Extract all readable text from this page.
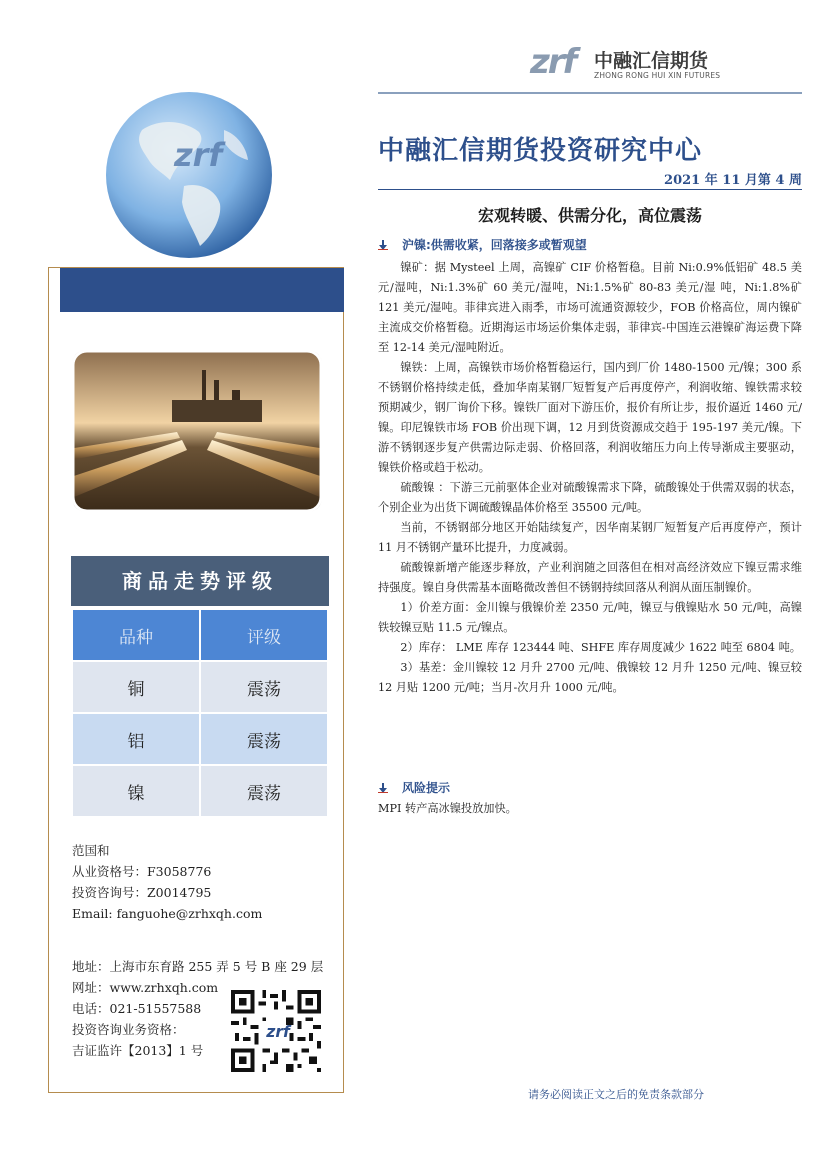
zrf 中融汇信期货
ZHONG RONG HUI XIN FUTURES
zrf
商品走势评级
品种	评级
铜	震荡
铝	震荡
镍	震荡
范国和
从业资格号：F3058776
投资咨询号：Z0014795
Email: fanguohe@zrhxqh.com
地址：上海市东育路 255 弄 5 号 B 座 29 层
网址：www.zrhxqh.com
电话：021-51557588
投资咨询业务资格：
吉证监许【2013】1 号
zrf
中融汇信期货投资研究中心
2021 年 11 月第 4 周
宏观转暖、供需分化，高位震荡
沪镍:供需收紧，回落接多或暂观望

镍矿：据 Mysteel 上周，高镍矿 CIF 价格暂稳。目前 Ni:0.9%低铝矿 48.5 美元/湿吨，Ni:1.3%矿 60 美元/湿吨，Ni:1.5%矿 80-83 美元/湿 吨，Ni:1.8%矿 121 美元/湿吨。菲律宾进入雨季，市场可流通资源较少，FOB 价格高位，周内镍矿主流成交价格暂稳。近期海运市场运价集体走弱，菲律宾-中国连云港镍矿海运费下降至 12-14 美元/湿吨附近。

镍铁：上周，高镍铁市场价格暂稳运行，国内到厂价 1480-1500 元/镍；300 系不锈钢价格持续走低，叠加华南某钢厂短暂复产后再度停产，利润收缩、镍铁需求较预期减少，钢厂询价下移。镍铁厂面对下游压价，报价有所让步，报价逼近 1460 元/镍。印尼镍铁市场 FOB 价出现下调，12 月到货资源成交趋于 195-197 美元/镍。下游不锈钢逐步复产供需边际走弱、价格回落，利润收缩压力向上传导渐成主要驱动，镍铁价格或趋于松动。

硫酸镍 ：下游三元前驱体企业对硫酸镍需求下降，硫酸镍处于供需双弱的状态，个别企业为出货下调硫酸镍晶体价格至 35500 元/吨。

当前，不锈钢部分地区开始陆续复产，因华南某钢厂短暂复产后再度停产，预计 11 月不锈钢产量环比提升，力度减弱。

硫酸镍新增产能逐步释放，产业利润随之回落但在相对高经济效应下镍豆需求维持强度。镍自身供需基本面略微改善但不锈钢持续回落从利润从面压制镍价。

1）价差方面：金川镍与俄镍价差 2350 元/吨，镍豆与俄镍贴水 50 元/吨，高镍铁较镍豆贴 11.5 元/镍点。

2）库存： LME 库存 123444 吨、SHFE 库存周度减少 1622 吨至 6804 吨。

3）基差：金川镍较 12 月升 2700 元/吨、俄镍较 12 月升 1250 元/吨、镍豆较 12 月贴 1200 元/吨；当月-次月升 1000 元/吨。

风险提示
MPI 转产高冰镍投放加快。
请务必阅读正文之后的免责条款部分
